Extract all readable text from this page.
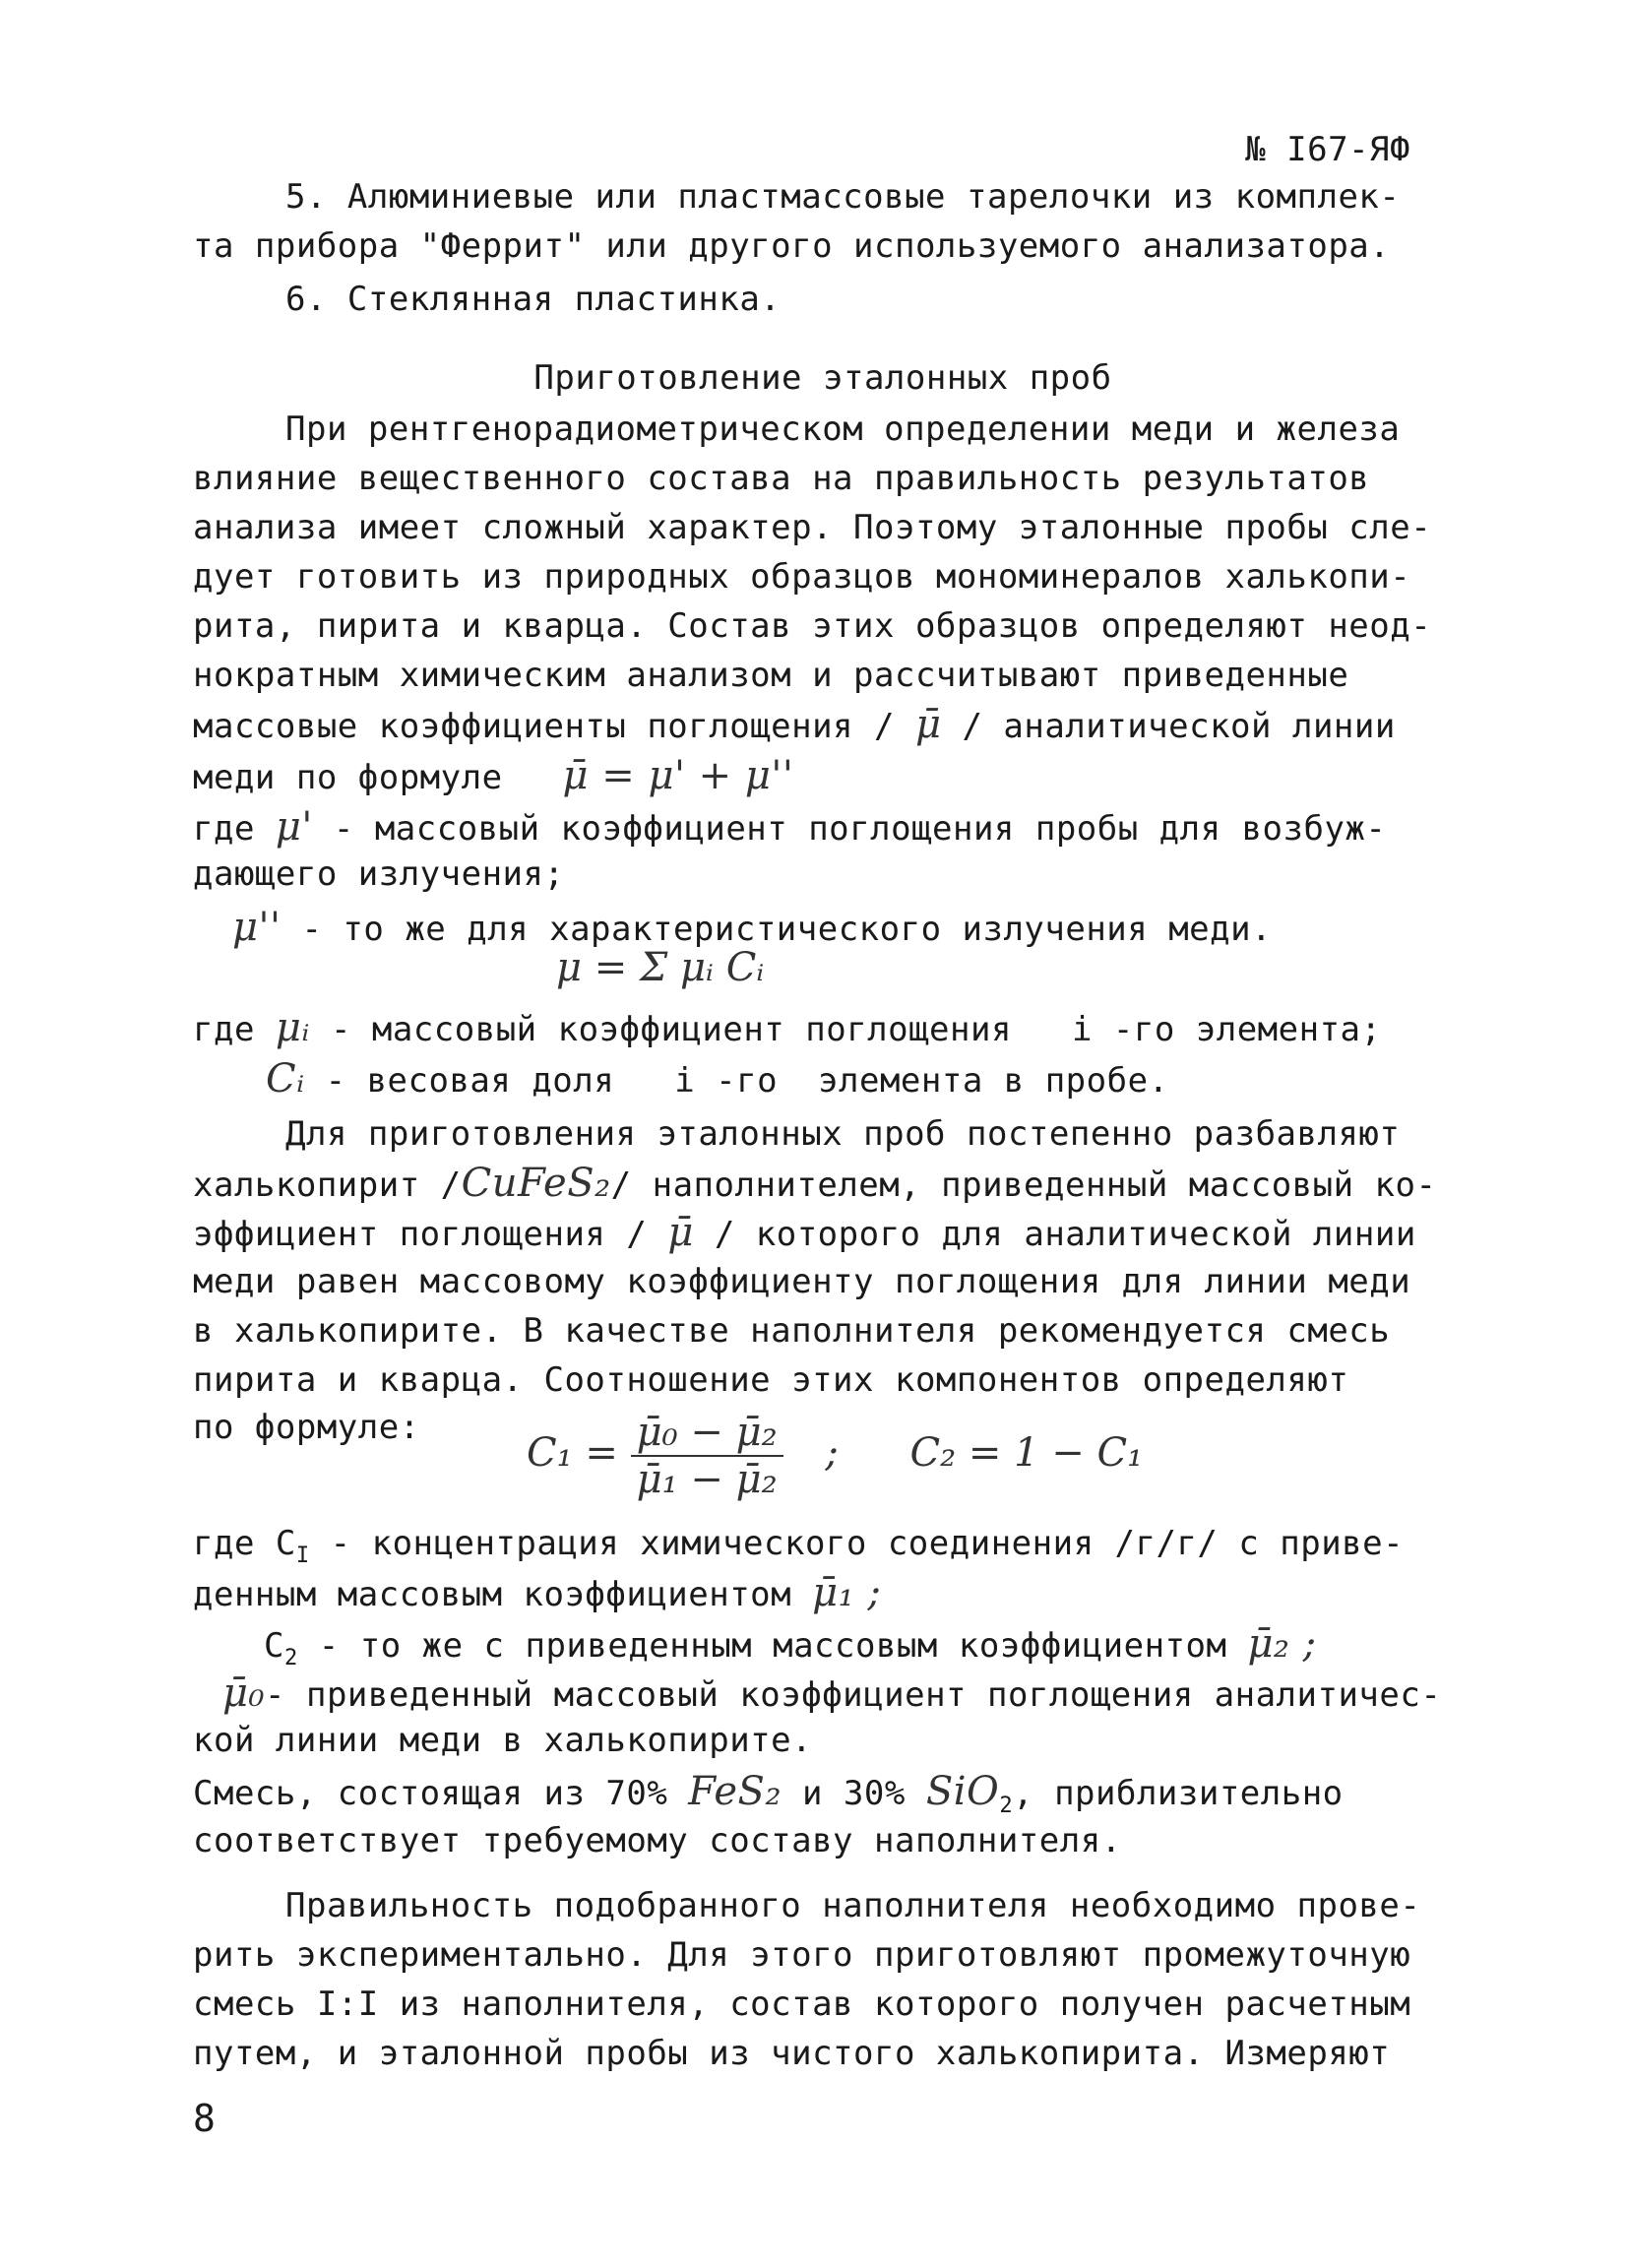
№ I67-ЯФ
5. Алюминиевые или пластмассовые тарелочки из комплек-
та прибора "Феррит" или другого используемого анализатора.
6. Стеклянная пластинка.
Приготовление эталонных проб
При рентгенорадиометрическом определении меди и железа
влияние вещественного состава на правильность результатов
анализа имеет сложный характер. Поэтому эталонные пробы сле-
дует готовить из природных образцов мономинералов халькопи-
рита, пирита и кварца. Состав этих образцов определяют неод-
нократным химическим анализом и рассчитывают приведенные
массовые коэффициенты поглощения / μ̄ / аналитической линии
меди по формуле μ̄ = μ' + μ''
где μ' - массовый коэффициент поглощения пробы для возбуж-
дающего излучения;
μ'' - то же для характеристического излучения меди.
μ = Σ μᵢ Cᵢ
где μᵢ - массовый коэффициент поглощения i -го элемента;
Cᵢ - весовая доля i -го элемента в пробе.
Для приготовления эталонных проб постепенно разбавляют
халькопирит /CuFeS₂/ наполнителем, приведенный массовый ко-
эффициент поглощения / μ̄ / которого для аналитической линии
меди равен массовому коэффициенту поглощения для линии меди
в халькопирите. В качестве наполнителя рекомендуется смесь
пирита и кварца. Соотношение этих компонентов определяют
по формуле:
$C_1 = \frac{\text{μ̄₀ − μ̄₂}}{\text{μ̄₁ − μ̄₂}}$ ; C₂ = 1 − C₁
где $C_I$ - концентрация химического соединения /г/г/ с приве-
денным массовым коэффициентом μ̄₁ ;
$C_2$ - то же с приведенным массовым коэффициентом μ̄₂ ;
μ̄₀- приведенный массовый коэффициент поглощения аналитичес-
кой линии меди в халькопирите.
Смесь, состоящая из 70% FeS₂ и 30% SiO$_2$, приблизительно
соответствует требуемому составу наполнителя.
Правильность подобранного наполнителя необходимо прове-
рить экспериментально. Для этого приготовляют промежуточную
смесь I:I из наполнителя, состав которого получен расчетным
путем, и эталонной пробы из чистого халькопирита. Измеряют
8
